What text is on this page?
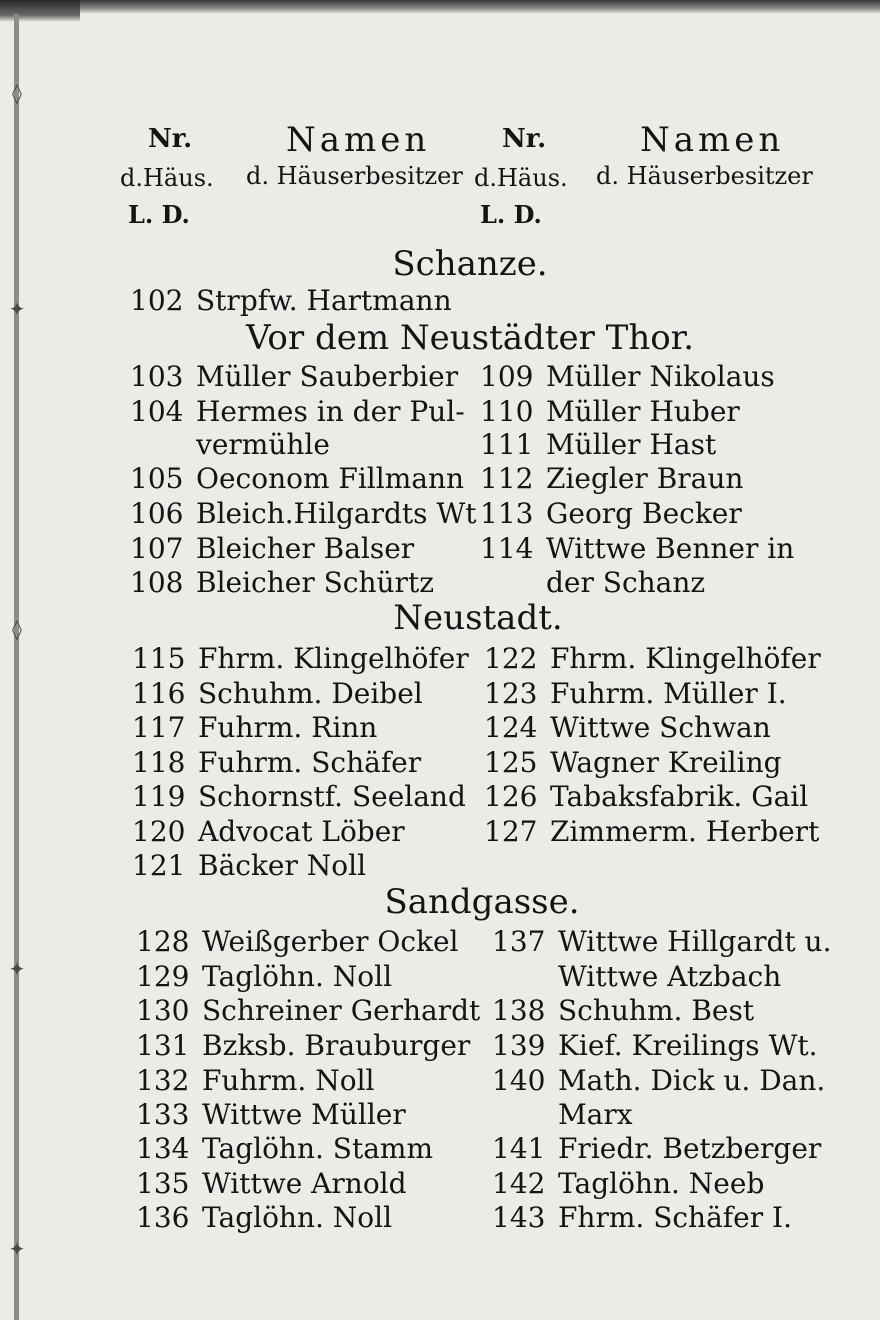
◊
✦
◊
✦
✦
Nr.	Namen
d.Häus. d. Häuserbesitzer
L. D.
Nr.	Namen
d.Häus. d. Häuserbesitzer
L. D.
Schanze.
102 Strpfw. Hartmann
Vor dem Neustädter Thor.
103 Müller Sauberbier
104 Hermes in der Pul-
vermühle
105 Oeconom Fillmann
106 Bleich.Hilgardts Wt
107 Bleicher Balser
108 Bleicher Schürtz
109 Müller Nikolaus
110 Müller Huber
111 Müller Hast
112 Ziegler Braun
113 Georg Becker
114 Wittwe Benner in
der Schanz
Neustadt.
115 Fhrm. Klingelhöfer
116 Schuhm. Deibel
117 Fuhrm. Rinn
118 Fuhrm. Schäfer
119 Schornstf. Seeland
120 Advocat Löber
121 Bäcker Noll
122 Fhrm. Klingelhöfer
123 Fuhrm. Müller I.
124 Wittwe Schwan
125 Wagner Kreiling
126 Tabaksfabrik. Gail
127 Zimmerm. Herbert
Sandgasse.
128 Weißgerber Ockel
129 Taglöhn. Noll
130 Schreiner Gerhardt
131 Bzksb. Brauburger
132 Fuhrm. Noll
133 Wittwe Müller
134 Taglöhn. Stamm
135 Wittwe Arnold
136 Taglöhn. Noll
137 Wittwe Hillgardt u.
Wittwe Atzbach
138 Schuhm. Best
139 Kief. Kreilings Wt.
140 Math. Dick u. Dan.
Marx
141 Friedr. Betzberger
142 Taglöhn. Neeb
143 Fhrm. Schäfer I.
